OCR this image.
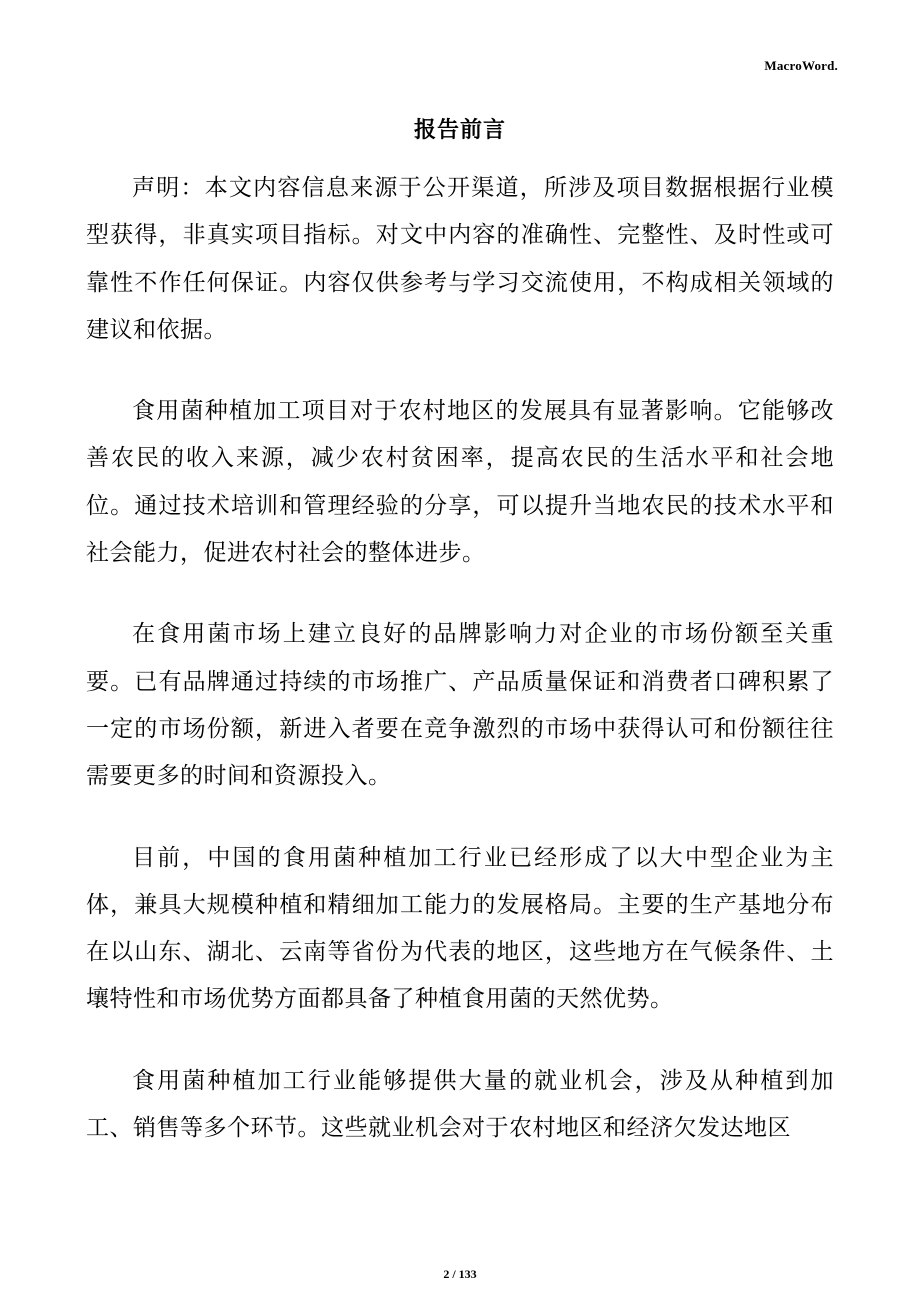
MacroWord.
报告前言

声明：本文内容信息来源于公开渠道，所涉及项目数据根据行业模型获得，非真实项目指标。对文中内容的准确性、完整性、及时性或可靠性不作任何保证。内容仅供参考与学习交流使用，不构成相关领域的建议和依据。

食用菌种植加工项目对于农村地区的发展具有显著影响。它能够改善农民的收入来源，减少农村贫困率，提高农民的生活水平和社会地位。通过技术培训和管理经验的分享，可以提升当地农民的技术水平和社会能力，促进农村社会的整体进步。

在食用菌市场上建立良好的品牌影响力对企业的市场份额至关重要。已有品牌通过持续的市场推广、产品质量保证和消费者口碑积累了一定的市场份额，新进入者要在竞争激烈的市场中获得认可和份额往往需要更多的时间和资源投入。

目前，中国的食用菌种植加工行业已经形成了以大中型企业为主体，兼具大规模种植和精细加工能力的发展格局。主要的生产基地分布在以山东、湖北、云南等省份为代表的地区，这些地方在气候条件、土壤特性和市场优势方面都具备了种植食用菌的天然优势。

食用菌种植加工行业能够提供大量的就业机会，涉及从种植到加工、销售等多个环节。这些就业机会对于农村地区和经济欠发达地区

2 / 133
